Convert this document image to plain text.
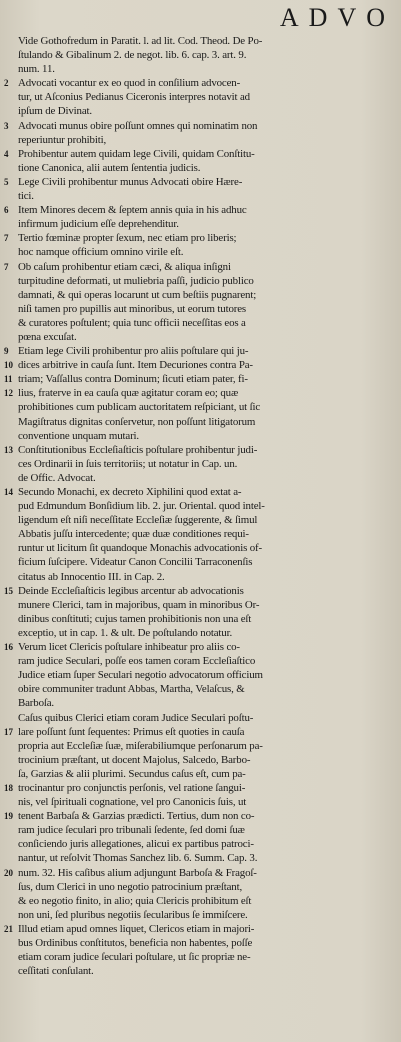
ADVO
Vide Gothofredum in Paratit. l. ad lit. Cod. Theod. De Po-
ſtulando & Gibalinum 2. de negot. lib. 6. cap. 3. art. 9.
num. 11.
2 Advocati vocantur ex eo quod in conſilium advocen-
tur, ut Aſconius Pedianus Ciceronis interpres notavit ad
ipſum de Divinat.
3 Advocati munus obire poſſunt omnes qui nominatim non
reperiuntur prohibiti,
4 Prohibentur autem quidam lege Civili, quidam Conſtitu-
tione Canonica, alii autem ſententia judicis.
5 Lege Civili prohibentur munus Advocati obire Hære-
tici.
6 Item Minores decem & ſeptem annis quia in his adhuc
infirmum judicium eſſe deprehenditur.
7 Tertio fœminæ propter ſexum, nec etiam pro liberis;
hoc namque officium omnino virile eſt.
7 Ob caſum prohibentur etiam cæci, & aliqua inſigni
turpitudine deformati, ut muliebria paſſi, judicio publico
damnati, & qui operas locarunt ut cum beſtiis pugnarent;
niſi tamen pro pupillis aut minoribus, ut eorum tutores
& curatores poſtulent; quia tunc officii neceſſitas eos a
pœna excuſat.
9 Etiam lege Civili prohibentur pro aliis poſtulare qui ju-
10 dices arbitrive in cauſa ſunt. Item Decuriones contra Pa-
11 triam; Vaſſallus contra Dominum; ſicuti etiam pater, fi-
12 lius, fraterve in ea cauſa quæ agitatur coram eo; quæ
prohibitiones cum publicam auctoritatem reſpiciant, ut ſic
Magiſtratus dignitas conſervetur, non poſſunt litigatorum
conventione unquam mutari.
13 Conſtitutionibus Eccleſiaſticis poſtulare prohibentur judi-
ces Ordinarii in ſuis territoriis; ut notatur in Cap. un.
de Offic. Advocat.
14 Secundo Monachi, ex decreto Xiphilini quod extat a-
pud Edmundum Bonſidium lib. 2. jur. Oriental. quod intel-
ligendum eſt niſi neceſſitate Eccleſiæ ſuggerente, & ſimul
Abbatis juſſu intercedente; quæ duæ conditiones requi-
runtur ut licitum ſit quandoque Monachis advocationis of-
ficium ſuſcipere. Videatur Canon Concilii Tarraconenſis
citatus ab Innocentio III. in Cap. 2.
15 Deinde Eccleſiaſticis legibus arcentur ab advocationis
munere Clerici, tam in majoribus, quam in minoribus Or-
dinibus conſtituti; cujus tamen prohibitionis non una eſt
exceptio, ut in cap. 1. & ult. De poſtulando notatur.
16 Verum licet Clericis poſtulare inhibeatur pro aliis co-
ram judice Seculari, poſſe eos tamen coram Eccleſiaſtico
Judice etiam ſuper Seculari negotio advocatorum officium
obire communiter tradunt Abbas, Martha, Velaſcus, &
Barboſa.
Caſus quibus Clerici etiam coram Judice Seculari poſtu-
17 lare poſſunt ſunt ſequentes: Primus eſt quoties in cauſa
propria aut Eccleſiæ ſuæ, miſerabiliumque perſonarum pa-
trocinium præſtant, ut docent Majolus, Salcedo, Barbo-
ſa, Garzias & alii plurimi. Secundus caſus eſt, cum pa-
18 trocinantur pro conjunctis perſonis, vel ratione ſangui-
nis, vel ſpirituali cognatione, vel pro Canonicis ſuis, ut
19 tenent Barbaſa & Garzias prædicti. Tertius, dum non co-
ram judice ſeculari pro tribunali ſedente, ſed domi ſuæ
conſiciendo juris allegationes, alicui ex partibus patroci-
nantur, ut reſolvit Thomas Sanchez lib. 6. Summ. Cap. 3.
20 num. 32. His caſibus alium adjungunt Barboſa & Fragoſ-
ſus, dum Clerici in uno negotio patrocinium præſtant,
& eo negotio finito, in alio; quia Clericis prohibitum eſt
non uni, ſed pluribus negotiis ſecularibus ſe immiſcere.
21 Illud etiam apud omnes liquet, Clericos etiam in majori-
bus Ordinibus conſtitutos, beneficia non habentes, poſſe
etiam coram judice ſeculari poſtulare, ut ſic propriæ ne-
ceſſitati conſulant.
